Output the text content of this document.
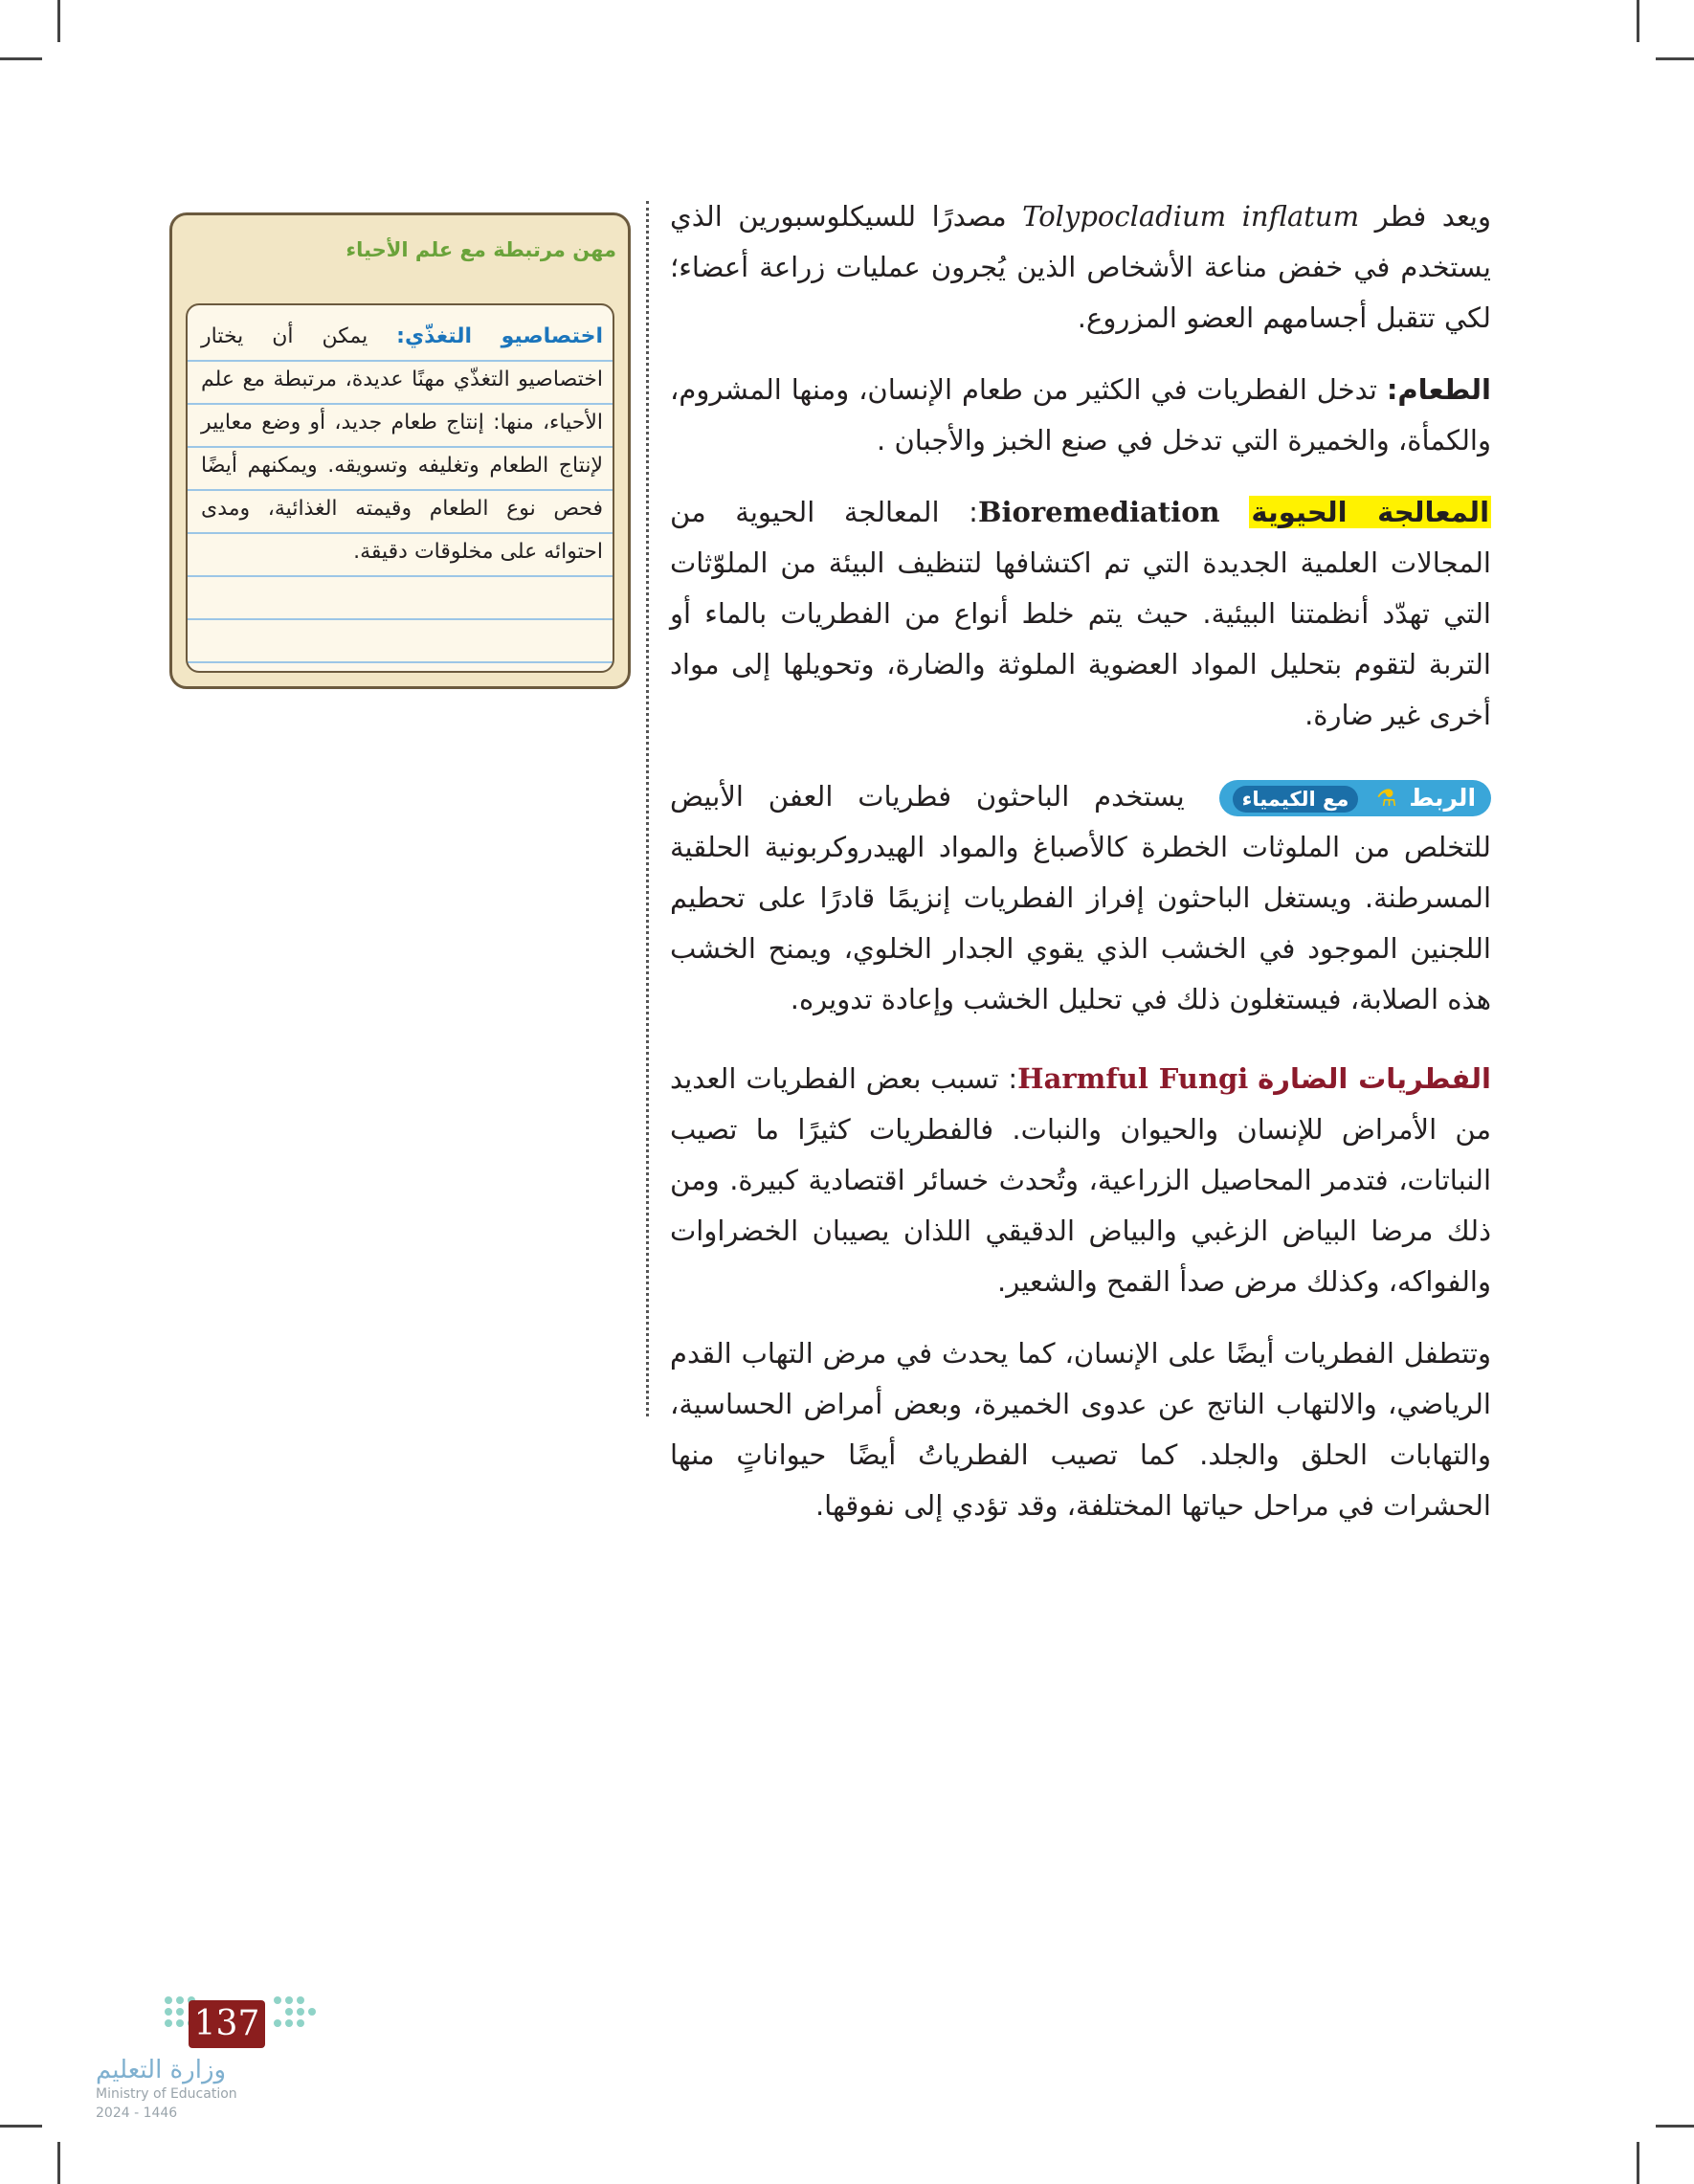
مهن مرتبطة مع علم الأحياء
اختصاصيو التغذّي: يمكن أن يختار اختصاصيو التغذّي مهنًا عديدة، مرتبطة مع علم الأحياء، منها: إنتاج طعام جديد، أو وضع معايير لإنتاج الطعام وتغليفه وتسويقه. ويمكنهم أيضًا فحص نوع الطعام وقيمته الغذائية، ومدى احتوائه على مخلوقات دقيقة.

ويعد فطر Tolypocladium inflatum مصدرًا للسيكلوسبورين الذي يستخدم في خفض مناعة الأشخاص الذين يُجرون عمليات زراعة أعضاء؛ لكي تتقبل أجسامهم العضو المزروع.

الطعام: تدخل الفطريات في الكثير من طعام الإنسان، ومنها المشروم، والكمأة، والخميرة التي تدخل في صنع الخبز والأجبان .

المعالجة الحيوية Bioremediation: المعالجة الحيوية من المجالات العلمية الجديدة التي تم اكتشافها لتنظيف البيئة من الملوّثات التي تهدّد أنظمتنا البيئية. حيث يتم خلط أنواع من الفطريات بالماء أو التربة لتقوم بتحليل المواد العضوية الملوثة والضارة، وتحويلها إلى مواد أخرى غير ضارة.

الربط ⚗ مع الكيمياء يستخدم الباحثون فطريات العفن الأبيض للتخلص من الملوثات الخطرة كالأصباغ والمواد الهيدروكربونية الحلقية المسرطنة. ويستغل الباحثون إفراز الفطريات إنزيمًا قادرًا على تحطيم اللجنين الموجود في الخشب الذي يقوي الجدار الخلوي، ويمنح الخشب هذه الصلابة، فيستغلون ذلك في تحليل الخشب وإعادة تدويره.

الفطريات الضارة Harmful Fungi: تسبب بعض الفطريات العديد من الأمراض للإنسان والحيوان والنبات. فالفطريات كثيرًا ما تصيب النباتات، فتدمر المحاصيل الزراعية، وتُحدث خسائر اقتصادية كبيرة. ومن ذلك مرضا البياض الزغبي والبياض الدقيقي اللذان يصيبان الخضراوات والفواكه، وكذلك مرض صدأ القمح والشعير.

وتتطفل الفطريات أيضًا على الإنسان، كما يحدث في مرض التهاب القدم الرياضي، والالتهاب الناتج عن عدوى الخميرة، وبعض أمراض الحساسية، والتهابات الحلق والجلد. كما تصيب الفطرياتُ أيضًا حيواناتٍ منها الحشرات في مراحل حياتها المختلفة، وقد تؤدي إلى نفوقها.

137
وزارة التعليم
Ministry of Education
2024 - 1446
